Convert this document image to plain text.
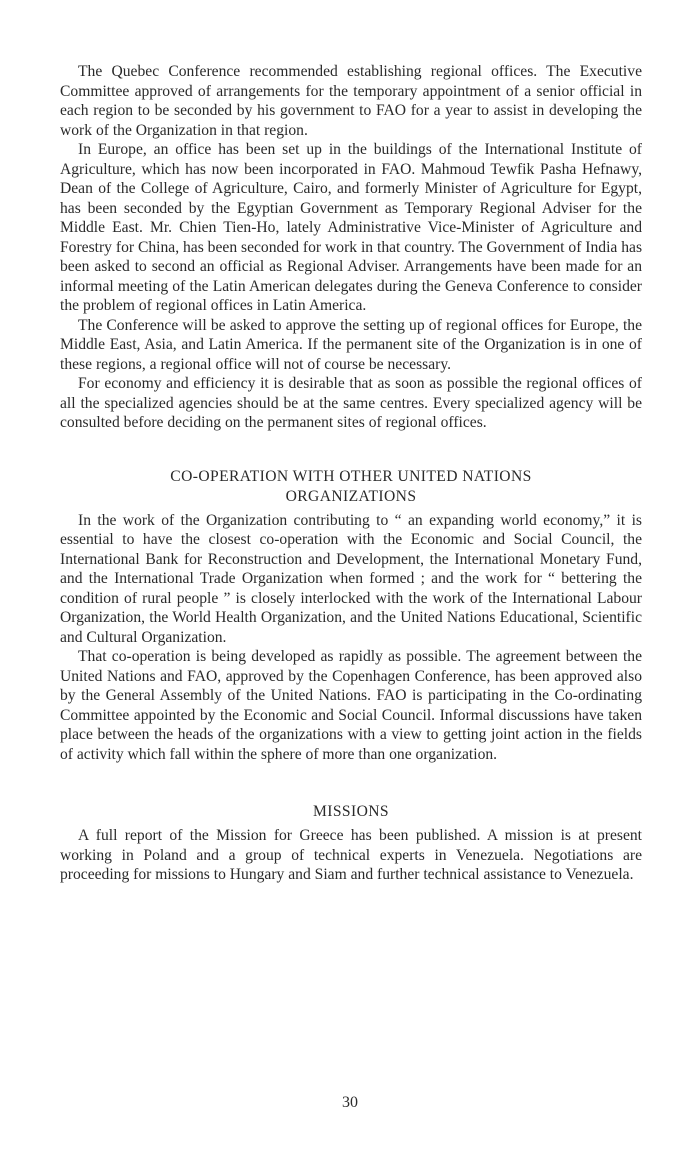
The Quebec Conference recommended establishing regional offices. The Executive Committee approved of arrangements for the temporary appointment of a senior official in each region to be seconded by his government to FAO for a year to assist in developing the work of the Organization in that region.

In Europe, an office has been set up in the buildings of the International Institute of Agriculture, which has now been incorporated in FAO. Mahmoud Tewfik Pasha Hefnawy, Dean of the College of Agriculture, Cairo, and formerly Minister of Agriculture for Egypt, has been seconded by the Egyptian Government as Temporary Regional Adviser for the Middle East. Mr. Chien Tien-Ho, lately Administrative Vice-Minister of Agriculture and Forestry for China, has been seconded for work in that country. The Government of India has been asked to second an official as Regional Adviser. Arrangements have been made for an informal meeting of the Latin American delegates during the Geneva Conference to consider the problem of regional offices in Latin America.

The Conference will be asked to approve the setting up of regional offices for Europe, the Middle East, Asia, and Latin America. If the permanent site of the Organization is in one of these regions, a regional office will not of course be necessary.

For economy and efficiency it is desirable that as soon as possible the regional offices of all the specialized agencies should be at the same centres. Every specialized agency will be consulted before deciding on the permanent sites of regional offices.

CO-OPERATION WITH OTHER UNITED NATIONS
ORGANIZATIONS

In the work of the Organization contributing to “ an expanding world economy,” it is essential to have the closest co-operation with the Economic and Social Council, the International Bank for Reconstruction and Development, the International Monetary Fund, and the International Trade Organization when formed ; and the work for “ bettering the condition of rural people ” is closely interlocked with the work of the International Labour Organization, the World Health Organization, and the United Nations Educational, Scientific and Cultural Organization.

That co-operation is being developed as rapidly as possible. The agreement between the United Nations and FAO, approved by the Copenhagen Conference, has been approved also by the General Assembly of the United Nations. FAO is participating in the Co-ordinating Committee appointed by the Economic and Social Council. Informal discussions have taken place between the heads of the organizations with a view to getting joint action in the fields of activity which fall within the sphere of more than one organization.

MISSIONS

A full report of the Mission for Greece has been published. A mission is at present working in Poland and a group of technical experts in Venezuela. Negotiations are proceeding for missions to Hungary and Siam and further technical assistance to Venezuela.

30
